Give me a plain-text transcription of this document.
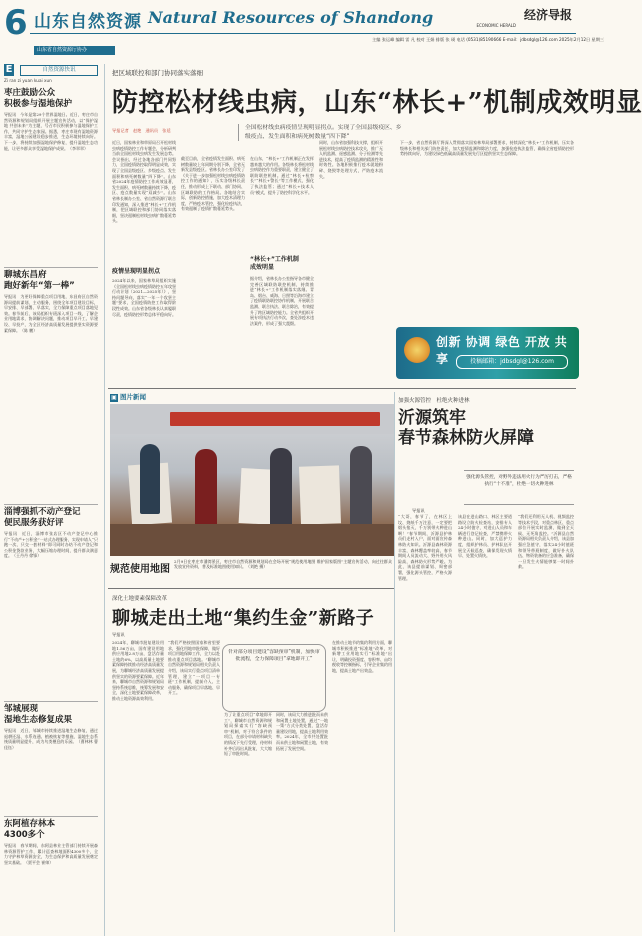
6 山东自然资源 Natural Resources of Shandong	ECONOMIC HERALD
经济导报
主编 张运峰 编辑 雷 凡 校对 王娟 排版 张 瑛 电话 (0531)85190666 E-mail：jdbsdgl@126.com 2025年2月12日 星期三
山东省自然资源厅协办
E	自然资源快讯
Zi ran zi yuan kuai xun
枣庄鼓励公众
积极参与湿地保护
导报讯　今年是第29个世界湿地日。近日，枣庄市自然资源和规划局组织开展主题宣传活动，以“保护湿地 共创未来”为主题，号召市民积极参与湿地保护工作，共同守护生态家园。据悉，枣庄市现有湿地资源丰富，湿地公园建设稳步推进，生态环境持续向好。下一步，将持续加强湿地保护修复，提升湿地生态功能，让更多群众享受湿地保护成果。（李翠翠）
聊城东昌府
跑好新年“第一棒”
导报讯　为更好保障重点项目用地，东昌府区自然资源局提前谋划、主动服务，围绕全年项目建设目标，早安排、早部署、早落实，全力保障重点项目落地见效。春节前后，该局组织专班深入项目一线，了解企业用地需求，协调解决问题，推动项目早开工、早建设、早投产，为全区经济高质量发展提供坚实资源要素保障。（陈 鹏）
淄博强抓不动产登记
便民服务获好评
导报讯　近日，淄博市张店区不动产登记中心推行“不动产+公积金”一站式办理服务，实现申请人“只跑一次、只交一套材料”即可同时办结不动产登记和公积金贷款业务，大幅压缩办理时间，提升群众满意度。（王丹丹 徐锋）
邹城展现
湿地生态修复成果
导报讯　近日，邹城市持续推进湿地生态修复，通过退耕还湿、水系连通、植被恢复等措施，湿地生态系统质量明显提升，成为鸟类栖息的乐园。（曹林林 曹佳钰）
东阿植存林本
4300多个
导报讯　春节期间，东阿县林业主管部门持续开展森林资源管护工作，累计巡查林地面积4300多个，全力守护林草资源安全，为生态保护和高质量发展奠定坚实基础。（贾平会 崔帅）
把区域联控和部门协同落实落细
防控松材线虫病，山东“林长+”机制成效明显
全国松材线虫病疫情呈现明显拐点。实现了全国县级疫区、乡级疫点、发生面积和病死树数量“四下降”
导报记者　赵艳　通讯员　张延
近日，国家林业和草原局召开松材线虫病疫情防控工作专题会，分析研判当前全国松材线虫病发生发展态势。会议指出，经过各地各部门共同努力，全国疫情防控取得明显成效，实现了全国县级疫区、乡级疫点、发生面积和病死树数量“四下降”。山东省2024年疫情防控工作成效显著，发生面积、病死树数量持续下降，疫区、疫点数量实现“双减少”。山东省林长制办公室、省自然资源厅联合印发通知，深入推进“林长+”工作机制，把区域联控和部门协同落实落细，坚决遏制松材线虫病扩散蔓延势头。
疫情呈现明显拐点
2024年以来，国家林草局组织实施《全国松材线虫病疫情防控五年攻坚行动计划（2021—2025年）》，坚持问题导向，落实“一年一个攻坚主题”要求，全国疫情防控工作取得阶段性成效。山东省各级林长认真履职尽责，疫情防控形势总体平稳向好。
截至目前，全省疫情发生面积、病死树数量较上年同期分别下降，全省无新发县级疫区。省林长办公室印发了《关于进一步加强松材线虫病疫情防控工作的通知》，压实各级林长责任，推动形成上下联动、部门协同、区域联防的工作格局。各地结合实际，创新防控措施，加大疫木清理力度，严格疫木管控，强化检疫执法，有效遏制了疫情扩散蔓延势头。
在山东，“林长+”工作机制正在发挥越来越大的作用。各级林长将松材线虫病防控作为重要职责，建立健全了联防联控机制。通过“林长+检察长”“林长+警长”等工作模式，强化了执法监管；通过“林长+技术人员”模式，提升了防控科学化水平。
“林长+”工作机制
成效明显
据介绍，省林长办公室指导各市健全完善区域联防联控机制，持续推进“林长+”工作机制落实落细。青岛、烟台、威海、日照等沿海市建立了疫情联防联控协作机制，开展联合监测、联合执法、联合除治，有效提升了跨区域防控能力。全省共组织开展专项执法行动多次，查处涉疫木违法案件，形成了强大震慑。
同时，山东省加强科技支撑，组织开展松材线虫病防控技术攻关，推广无人机监测、遥感监测、分子检测等先进技术，提高了疫情监测的精准性和时效性。各地积极推行疫木就地粉碎、烧毁等处理方式，严防疫木流失。
下一步，省自然资源厅将深入贯彻落实国家林草局部署要求，持续深化“林长+”工作机制，压实各级林长和相关部门防控责任，加大疫情监测和除治力度，加强检疫执法监管，确保全省疫情防控形势持续向好，为建设绿色低碳高质量发展先行区提供坚实生态保障。
创新 协调 绿色 开放 共享	投稿邮箱：jdbsdgl@126.com
▣ 图片新闻
规范使用地图
2月9日在枣庄市潘湾景区，枣庄市自然资源和规划局在会场开展“规范使用地图 维护国家版图”主题宣传活动，向过往群众发放宣传资料，普及标准地图使用知识。（刘艳 摄）
加强火源管控　杜绝火种进林
沂源筑牢
春节森林防火屏障
强化源头管控，对野外违法用火行为严厉打击，严格执行“十不准”，杜绝一切火种进林
导报讯
“大哥，春节了，在林区上坟、烧纸千万注意，一定要把烟头掐灭，千万别带火种进山啊！”春节期间，沂源县护林员们走村入户，面对面宣传森林防火知识。沂源县森林资源丰富，森林覆盖率较高，春节期间人员流动大、野外用火风险高，森林防火形势严峻。为此，该县提前谋划、周密部署，强化源头管控，严格火源管理。
该县在进山路口、林区主要道路设立防火检查站，安排专人24小时值守，对进山人员和车辆进行登记检查，严禁携带火种进山。同时，加大巡护力度，组织护林员、护林队伍开展全天候巡查，确保发现火情早、处置火情快。
“我们还利用无人机、视频监控等技术手段，对重点林区、重点部位开展实时监测，做到全天候、无死角监控。”沂源县自然资源局相关负责人介绍，该县加强应急值守，落实24小时值班和领导带班制度，做好扑火队伍、物资装备的应急准备，确保一旦发生火情能够第一时间扑救。
深化土地要素保障改革
聊城走出土地“集约生金”新路子
针对部分项目建设“容缺预审”机制，加快审批流程，全力保障项目“拿地即开工”
导报讯
2024年，聊城市批复建设用地1.56万亩，国有建设用地供应用地2.8万亩，盘活存量土地约6%，以高质量土地要素保障持续推动经济高质量发展，为聊城经济高质量发展提供坚实的资源要素保障。近年来，聊城市自然资源和规划局坚持系统思维，统筹发展和安全，深化土地要素保障改革，推动土地资源高效利用。
“我们严格按照国家和省里要求，强化用地审批保障，做好项目用地保障工作，全力以赴推动重点项目落地。”聊城市自然资源和规划局相关负责人介绍，该局实行重点项目清单管理，建立“一项目一专班”工作机制，提前介入、主动服务，确保项目早落地、早开工。
为了让重点项目“拿地即开工”，聊城市自然资源和规划局探索实行“容缺预审”机制，对于符合条件的项目，在部分申请材料缺失的情况下先行受理，待材料补齐后再出具批复，大大缩短了审批时间。
同时，该局大力推进批而未供和闲置土地处置，通过“一地一策”方式分类处置，盘活存量建设用地，提高土地利用效率。2024年，全市共处置批而未供土地和闲置土地，有效拓展了发展空间。
在推动土地节约集约利用方面，聊城市积极推进“标准地”改革，对新增工业用地实行“标准地”出让，明确投资强度、容积率、亩均税收等控制指标，引导企业集约用地，提高土地产出效益。
